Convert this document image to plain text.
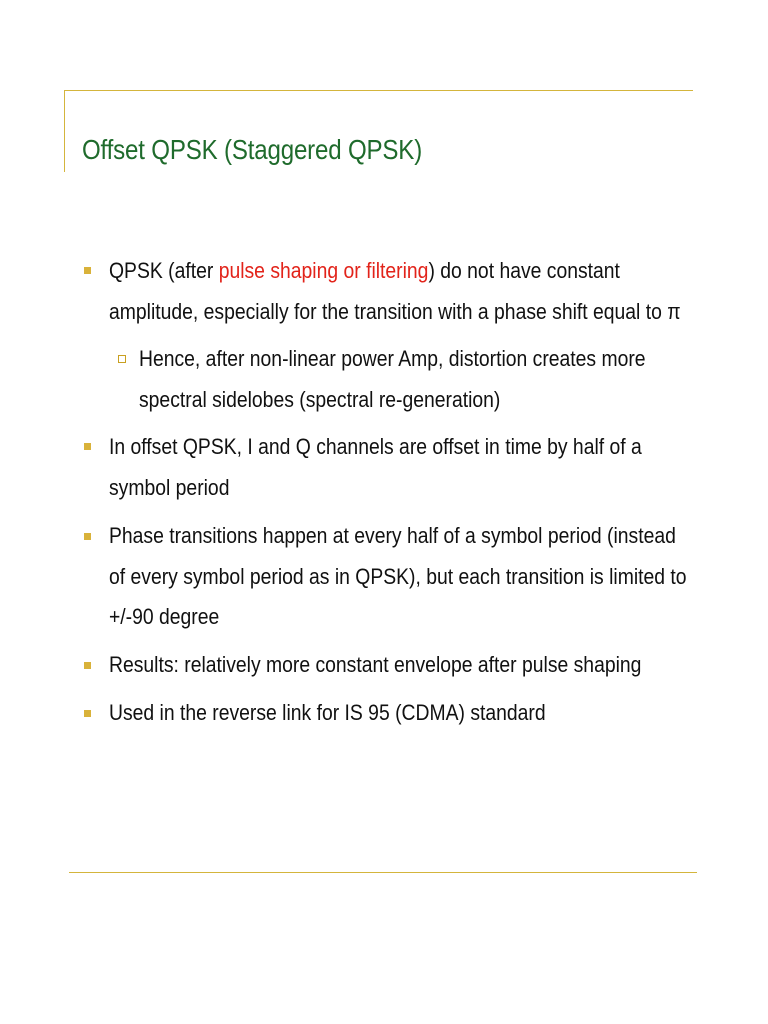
Offset QPSK (Staggered QPSK)
QPSK (after pulse shaping or filtering) do not have constant
amplitude, especially for the transition with a phase shift equal to π
Hence, after non-linear power Amp, distortion creates more
spectral sidelobes (spectral re-generation)
In offset QPSK, I and Q channels are offset in time by half of a
symbol period
Phase transitions happen at every half of a symbol period (instead
of every symbol period as in QPSK), but each transition is limited to
+/-90 degree
Results: relatively more constant envelope after pulse shaping
Used in the reverse link for IS 95 (CDMA) standard
